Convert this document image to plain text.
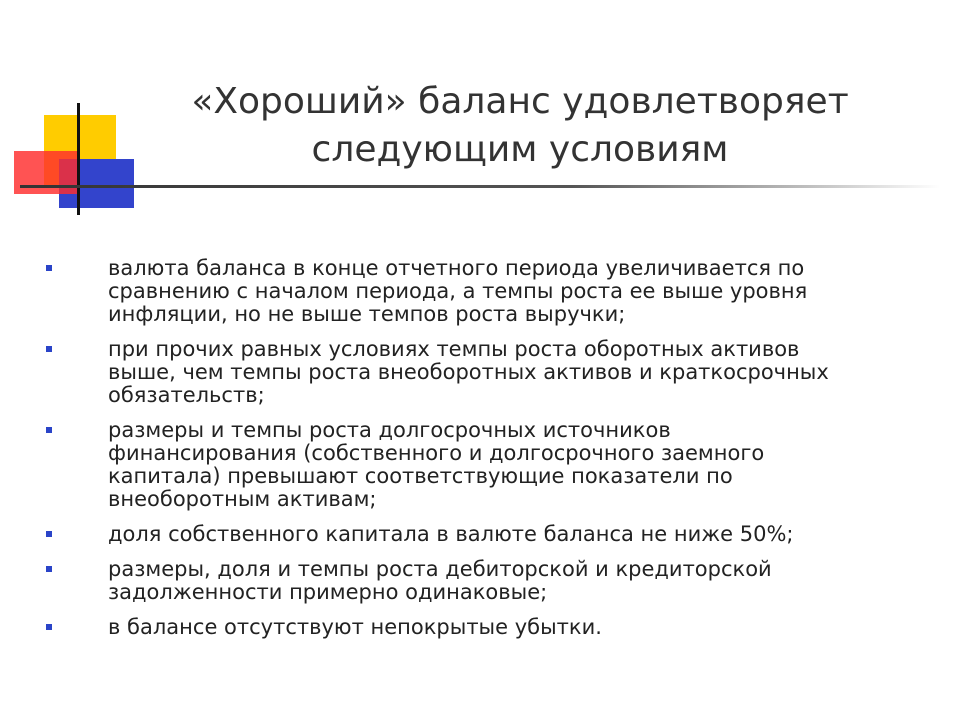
«Хороший» баланс удовлетворяет
следующим условиям
валюта баланса в конце отчетного периода увеличивается по
сравнению с началом периода, а темпы роста ее выше уровня
инфляции, но не выше темпов роста выручки;
при прочих равных условиях темпы роста оборотных активов
выше, чем темпы роста внеоборотных активов и краткосрочных
обязательств;
размеры и темпы роста долгосрочных источников
финансирования (собственного и долгосрочного заемного
капитала) превышают соответствующие показатели по
внеоборотным активам;
доля собственного капитала в валюте баланса не ниже 50%;
размеры, доля и темпы роста дебиторской и кредиторской
задолженности примерно одинаковые;
в балансе отсутствуют непокрытые убытки.
